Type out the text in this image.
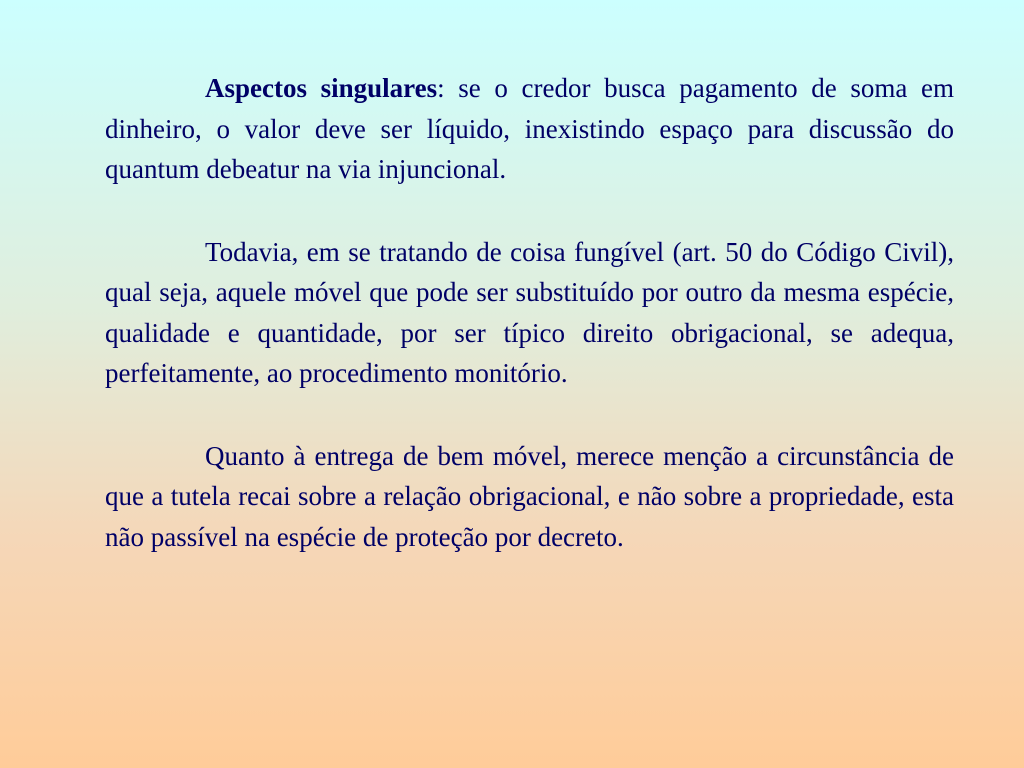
Aspectos singulares: se o credor busca pagamento de soma em dinheiro, o valor deve ser líquido, inexistindo espaço para discussão do quantum debeatur na via injuncional.

Todavia, em se tratando de coisa fungível (art. 50 do Código Civil), qual seja, aquele móvel que pode ser substituído por outro da mesma espécie, qualidade e quantidade, por ser típico direito obrigacional, se adequa, perfeitamente, ao procedimento monitório.

Quanto à entrega de bem móvel, merece menção a circunstância de que a tutela recai sobre a relação obrigacional, e não sobre a propriedade, esta não passível na espécie de proteção por decreto.
